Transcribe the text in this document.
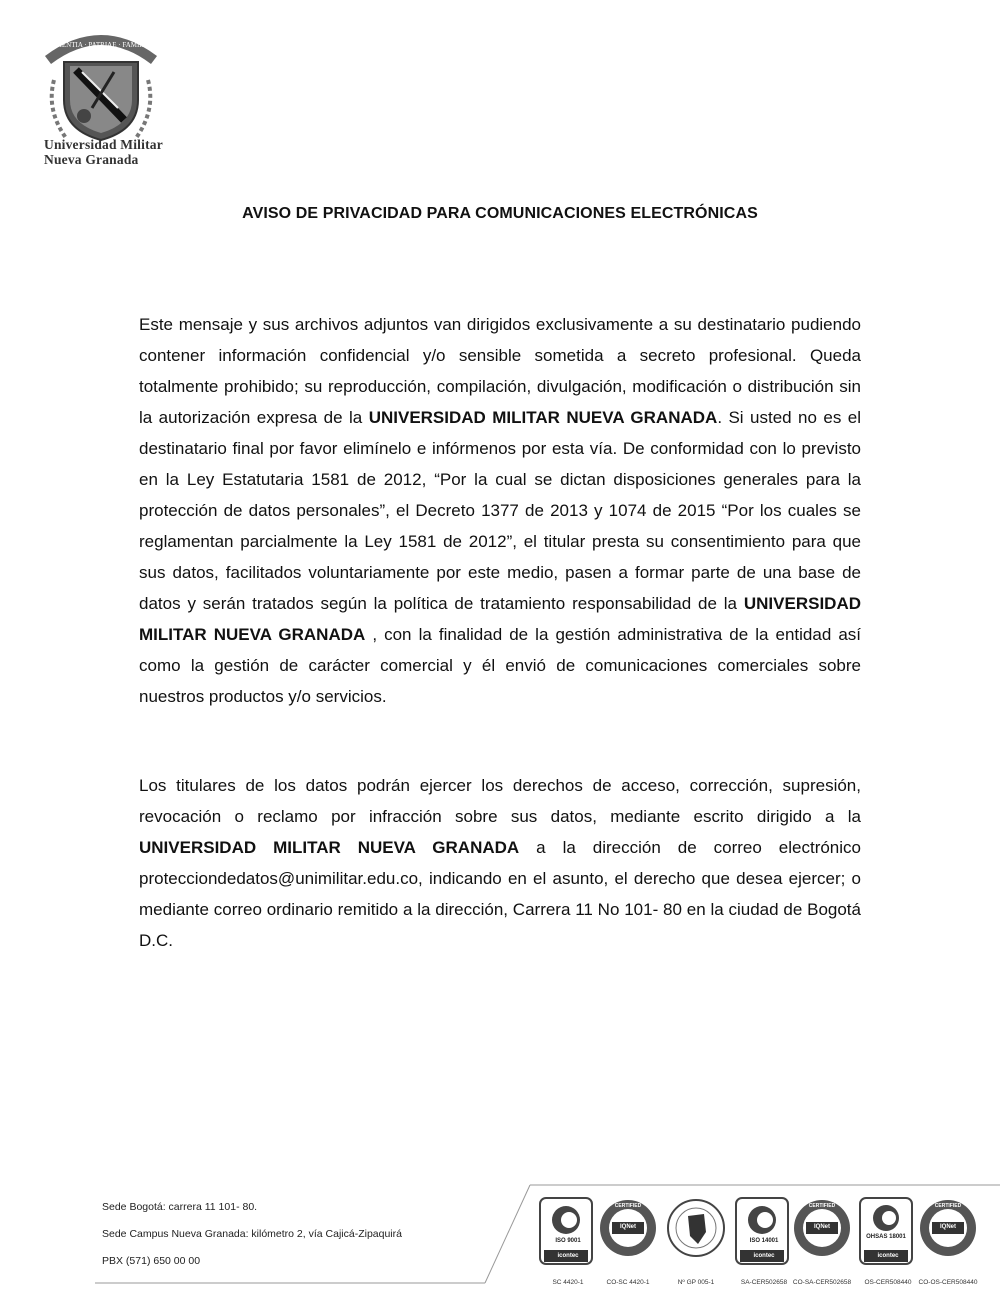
SCIENTIA · PATRIAE · FAMILIA
Universidad Militar
Nueva Granada
AVISO DE PRIVACIDAD PARA COMUNICACIONES ELECTRÓNICAS

Este mensaje y sus archivos adjuntos van dirigidos exclusivamente a su destinatario pudiendo contener información confidencial y/o sensible sometida a secreto profesional. Queda totalmente prohibido; su reproducción, compilación, divulgación, modificación o distribución sin la autorización expresa de la UNIVERSIDAD MILITAR NUEVA GRANADA. Si usted no es el destinatario final por favor elimínelo e infórmenos por esta vía. De conformidad con lo previsto en la Ley Estatutaria 1581 de 2012, “Por la cual se dictan disposiciones generales para la protección de datos personales”, el Decreto 1377 de 2013 y 1074 de 2015 “Por los cuales se reglamentan parcialmente la Ley 1581 de 2012”, el titular presta su consentimiento para que sus datos, facilitados voluntariamente por este medio, pasen a formar parte de una base de datos y serán tratados según la política de tratamiento responsabilidad de la UNIVERSIDAD MILITAR NUEVA GRANADA , con la finalidad de la gestión administrativa de la entidad así como la gestión de carácter comercial y él envió de comunicaciones comerciales sobre nuestros productos y/o servicios.

Los titulares de los datos podrán ejercer los derechos de acceso, corrección, supresión, revocación o reclamo por infracción sobre sus datos, mediante escrito dirigido a la UNIVERSIDAD MILITAR NUEVA GRANADA a la dirección de correo electrónico protecciondedatos@unimilitar.edu.co, indicando en el asunto, el derecho que desea ejercer; o mediante correo ordinario remitido a la dirección, Carrera 11 No 101- 80 en la ciudad de Bogotá D.C.

Sede Bogotá: carrera 11 101- 80.
Sede Campus Nueva Granada: kilómetro 2, vía Cajicá-Zipaquirá
PBX (571) 650 00 00
ISO 9001
icontec
SC 4420-1
CERTIFIED
IQNet
CO-SC 4420-1	Nº GP 005-1
ISO 14001
icontec
SA-CER502658
CERTIFIED
IQNet
CO-SA-CER502658
OHSAS 18001
icontec
OS-CER508440
CERTIFIED
IQNet
CO-OS-CER508440
